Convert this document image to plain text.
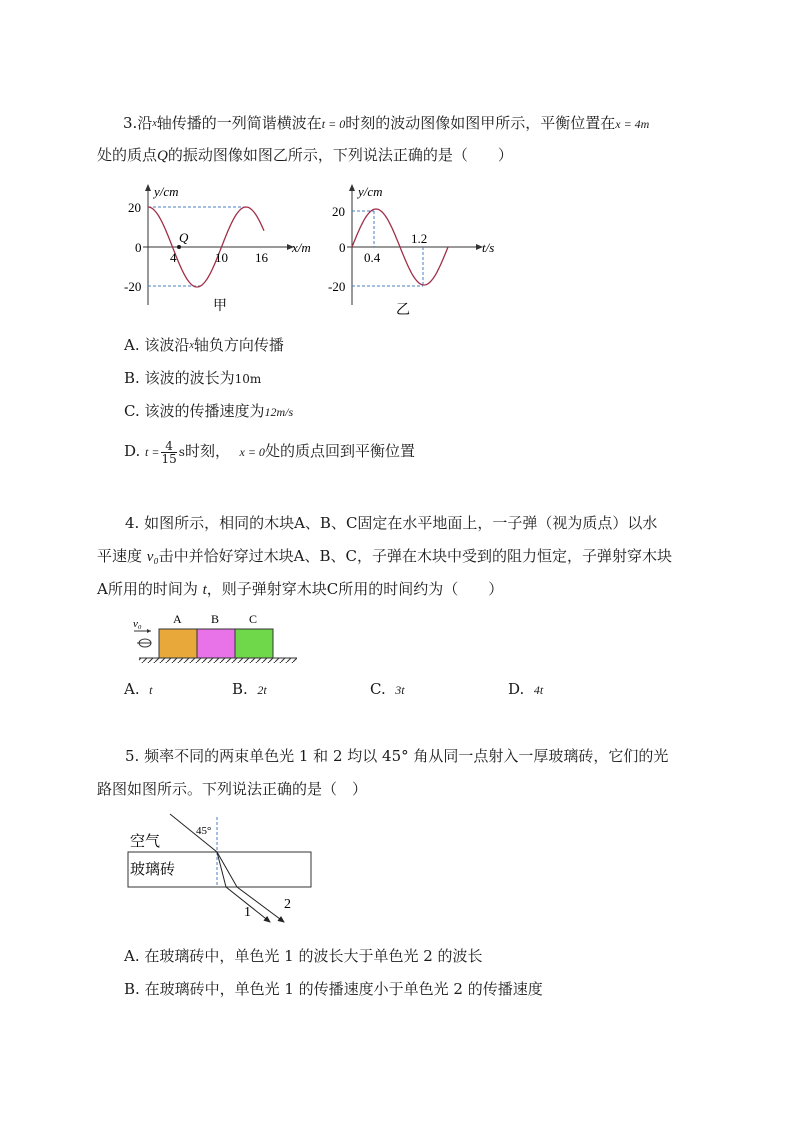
3.沿x轴传播的一列简谐横波在t = 0时刻的波动图像如图甲所示，平衡位置在x = 4m
处的质点Q的振动图像如图乙所示，下列说法正确的是（　　）
y/cm
20
0
-20
4	10 16
Q
x/m
甲
y/cm
20
0
-20
0.4
1.2
t/s
乙
A. 该波沿x轴负方向传播
B. 该波的波长为10m
C. 该波的传播速度为12m/s
D. $t = \frac{4}{15}$ s时刻， x = 0处的质点回到平衡位置
4. 如图所示，相同的木块A、B、C固定在水平地面上，一子弹（视为质点）以水
平速度 v₀击中并恰好穿过木块A、B、C，子弹在木块中受到的阻力恒定，子弹射穿木块
A所用的时间为 t，则子弹射穿木块C所用的时间约为（　　）
v₀	A B C
A. t	B. 2t	C. 3t	D. 4t
5. 频率不同的两束单色光 1 和 2 均以 45° 角从同一点射入一厚玻璃砖，它们的光
路图如图所示。下列说法正确的是（　）
空气
玻璃砖
45°
1
2
A. 在玻璃砖中，单色光 1 的波长大于单色光 2 的波长
B. 在玻璃砖中，单色光 1 的传播速度小于单色光 2 的传播速度
